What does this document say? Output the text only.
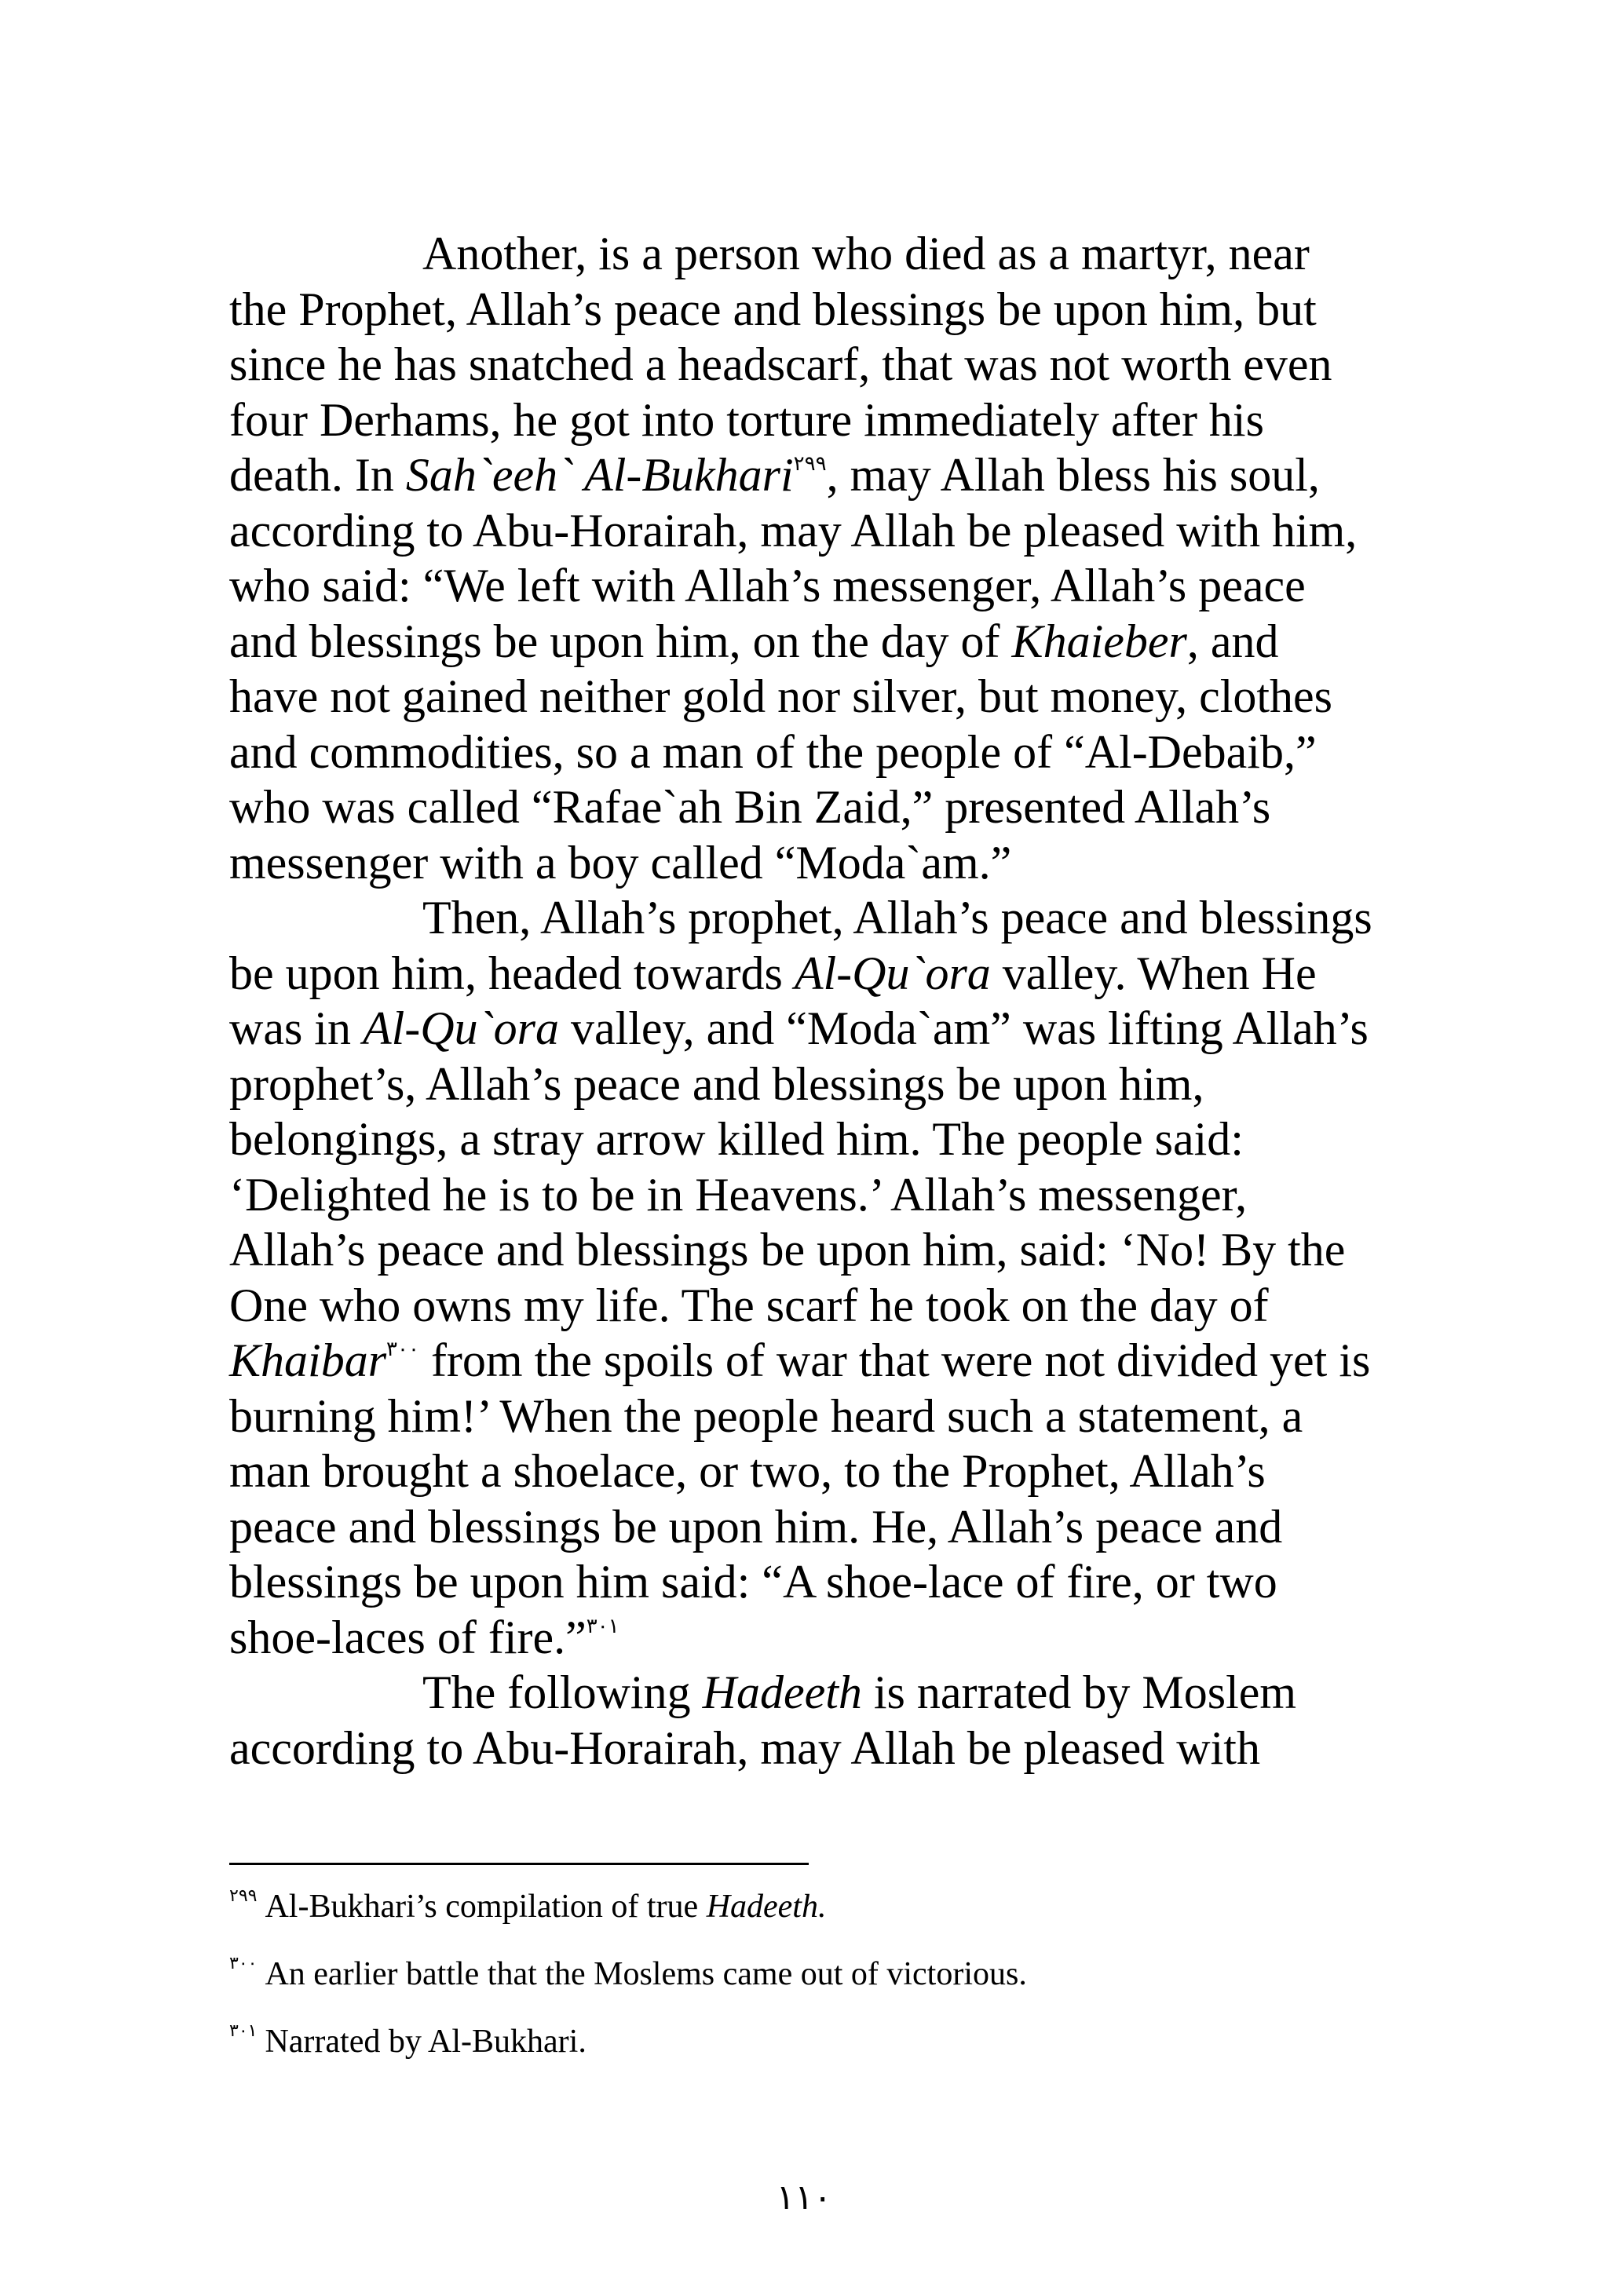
Another, is a person who died as a martyr, near the Prophet, Allah’s peace and blessings be upon him, but since he has snatched a headscarf, that was not worth even four Derhams, he got into torture immediately after his death. In Sah`eeh` Al-Bukhari$^{٢٩٩}$, may Allah bless his soul, according to Abu-Horairah, may Allah be pleased with him, who said: “We left with Allah’s messenger, Allah’s peace and blessings be upon him, on the day of Khaieber, and have not gained neither gold nor silver, but money, clothes and commodities, so a man of the people of “Al-Debaib,” who was called “Rafae`ah Bin Zaid,” presented Allah’s messenger with a boy called “Moda`am.”

Then, Allah’s prophet, Allah’s peace and blessings be upon him, headed towards Al-Qu`ora valley. When He was in Al-Qu`ora valley, and “Moda`am” was lifting Allah’s prophet’s, Allah’s peace and blessings be upon him, belongings, a stray arrow killed him. The people said: ‘Delighted he is to be in Heavens.’ Allah’s messenger, Allah’s peace and blessings be upon him, said: ‘No! By the One who owns my life. The scarf he took on the day of Khaibar$^{٣٠٠}$ from the spoils of war that were not divided yet is burning him!’ When the people heard such a statement, a man brought a shoelace, or two, to the Prophet, Allah’s peace and blessings be upon him. He, Allah’s peace and blessings be upon him said: “A shoe-lace of fire, or two shoe-laces of fire.”$^{٣٠١}$

The following Hadeeth is narrated by Moslem according to Abu-Horairah, may Allah be pleased with

$^{٢٩٩}$ Al-Bukhari’s compilation of true Hadeeth.

$^{٣٠٠}$ An earlier battle that the Moslems came out of victorious.

$^{٣٠١}$ Narrated by Al-Bukhari.

١١٠
